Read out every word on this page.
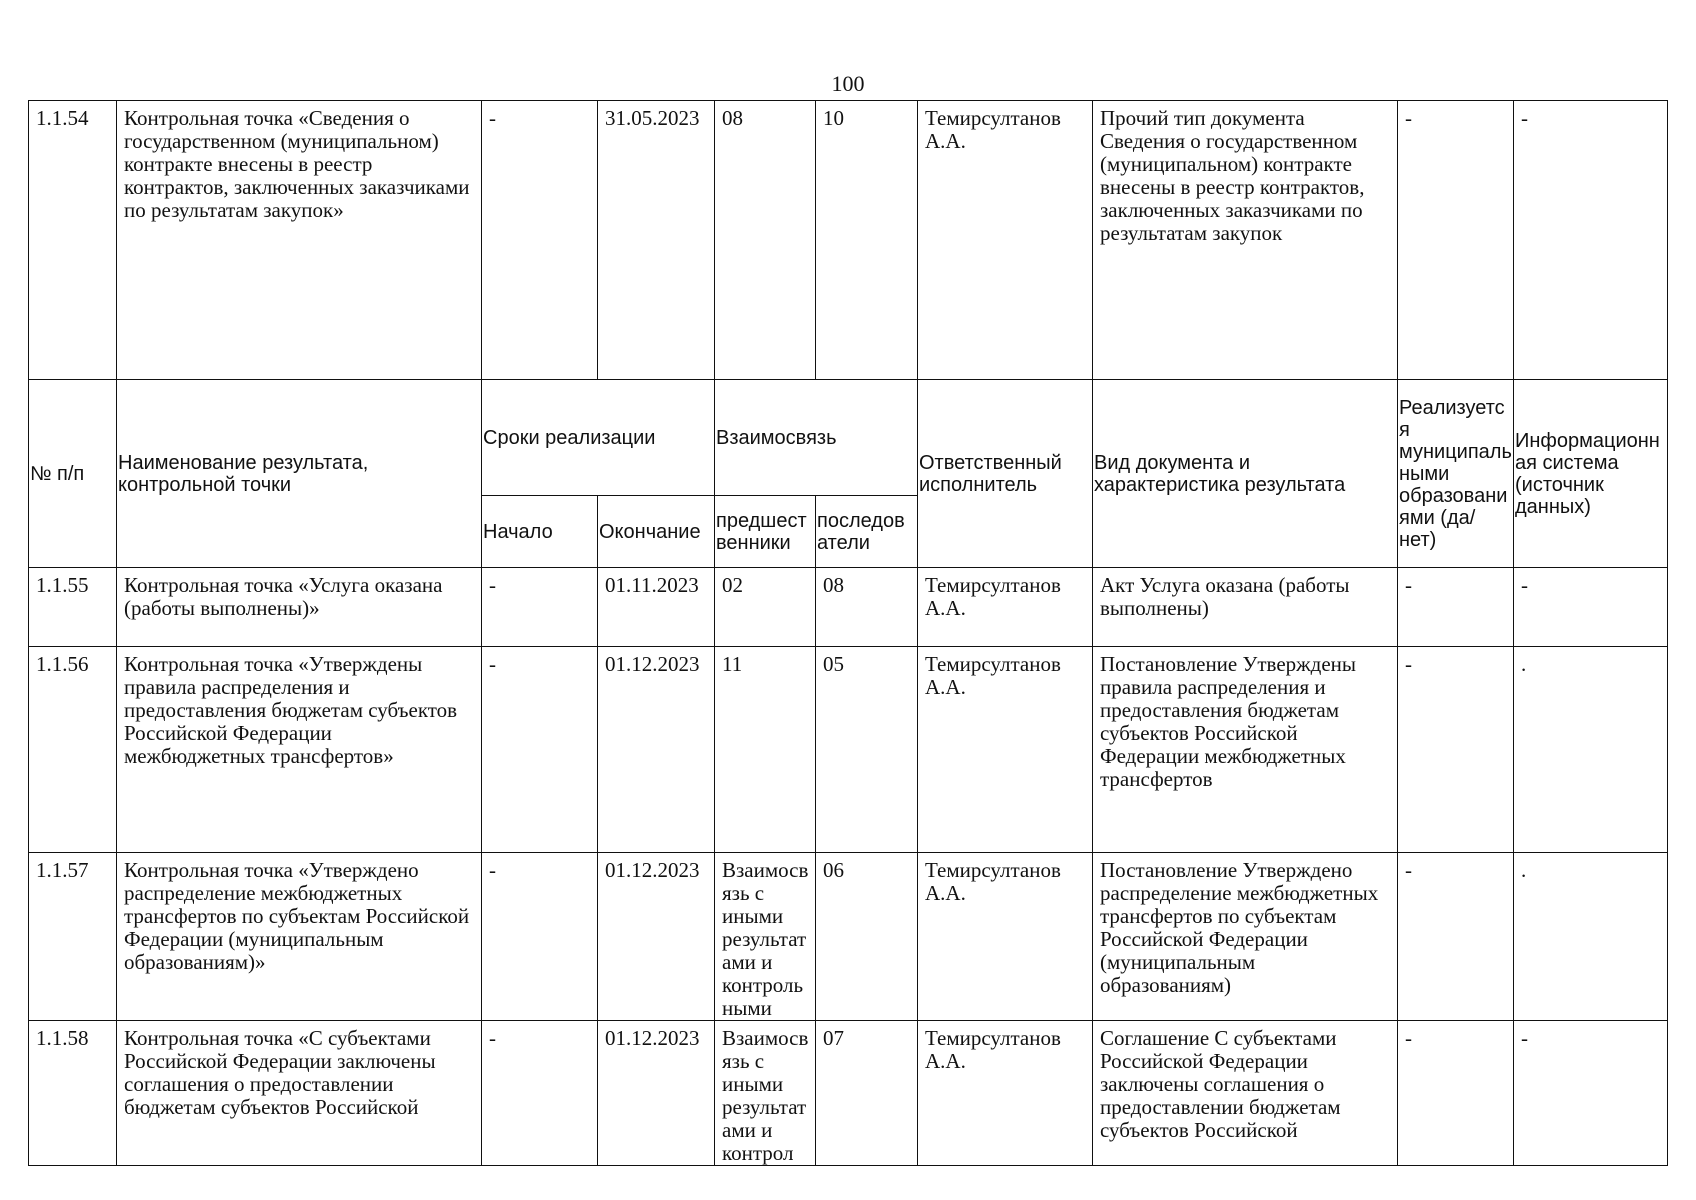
100
1.1.54	Контрольная точка «Сведения о государственном (муниципальном) контракте внесены в реестр контрактов, заключенных заказчиками по результатам закупок»	-	31.05.2023	08	10	Темирсултанов А.А.	Прочий тип документа Сведения о государственном (муниципальном) контракте внесены в реестр контрактов, заключенных заказчиками по результатам закупок	-	-
№ п/п	Наименование результата, контрольной точки	Сроки реализации		Взаимосвязь		Ответственный исполнитель	Вид документа и характеристика результата	Реализуется муниципальными образованиями (да/нет)	Информационная система (источник данных)
		Начало	Окончание	предшест венники	последов атели				
1.1.55	Контрольная точка «Услуга оказана (работы выполнены)»	-	01.11.2023	02	08	Темирсултанов А.А.	Акт Услуга оказана (работы выполнены)	-	-
1.1.56	Контрольная точка «Утверждены правила распределения и предоставления бюджетам субъектов Российской Федерации межбюджетных трансфертов»	-	01.12.2023	11	05	Темирсултанов А.А.	Постановление Утверждены правила распределения и предоставления бюджетам субъектов Российской Федерации межбюджетных трансфертов	-	.
1.1.57	Контрольная точка «Утверждено распределение межбюджетных трансфертов по субъектам Российской Федерации (муниципальным образованиям)»	-	01.12.2023	Взаимосвязь с иными результатами и контрольными	06	Темирсултанов А.А.	Постановление Утверждено распределение межбюджетных трансфертов по субъектам Российской Федерации (муниципальным образованиям)	-	.
1.1.58	Контрольная точка «С субъектами Российской Федерации заключены соглашения о предоставлении бюджетам субъектов Российской	-	01.12.2023	Взаимосвязь с иными результатами и контрол	07	Темирсултанов А.А.	Соглашение С субъектами Российской Федерации заключены соглашения о предоставлении бюджетам субъектов Российской	-	-
